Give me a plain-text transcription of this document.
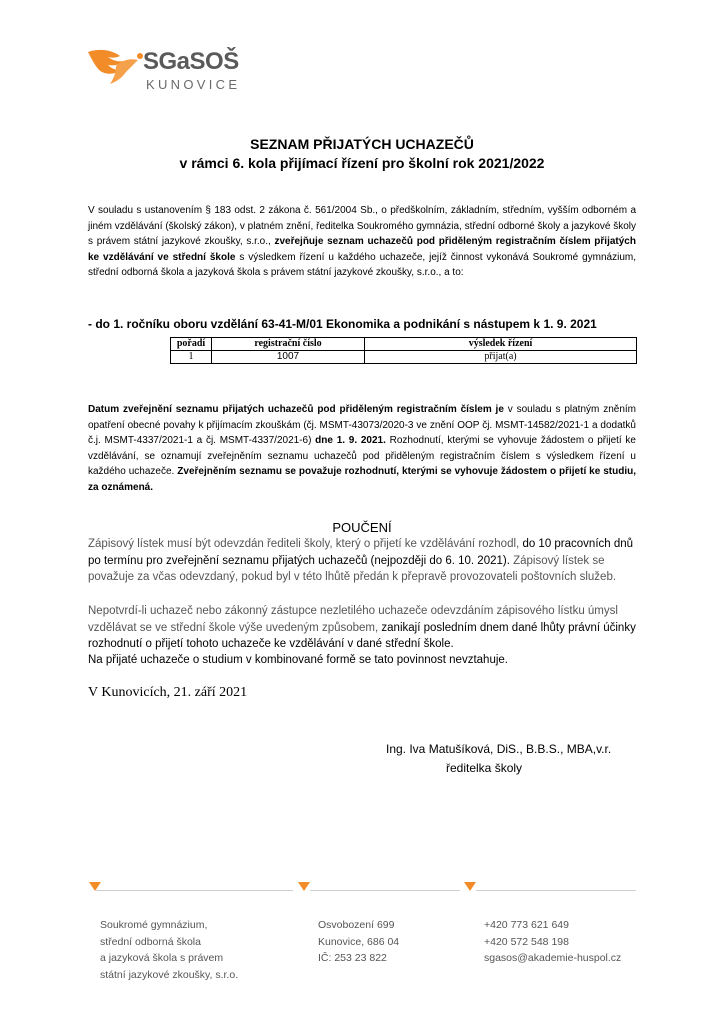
SGaSOŠ
KUNOVICE
SEZNAM PŘIJATÝCH UCHAZEČŮ
v rámci 6. kola přijímací řízení pro školní rok 2021/2022
V souladu s ustanovením § 183 odst. 2 zákona č. 561/2004 Sb., o předškolním, základním, středním, vyšším odborném a jiném vzdělávání (školský zákon), v platném znění, ředitelka Soukromého gymnázia, střední odborné školy a jazykové školy s právem státní jazykové zkoušky, s.r.o., zveřejňuje seznam uchazečů pod přiděleným registračním číslem přijatých ke vzdělávání ve střední škole s výsledkem řízení u každého uchazeče, jejíž činnost vykonává Soukromé gymnázium, střední odborná škola a jazyková škola s právem státní jazykové zkoušky, s.r.o., a to:
- do 1. ročníku oboru vzdělání 63-41-M/01 Ekonomika a podnikání s nástupem k 1. 9. 2021
pořadí	registrační číslo	výsledek řízení
1	1007	přijat(a)
Datum zveřejnění seznamu přijatých uchazečů pod přiděleným registračním číslem je v souladu s platným zněním opatření obecné povahy k přijímacím zkouškám (čj. MSMT-43073/2020-3 ve znění OOP čj. MSMT-14582/2021-1 a dodatků č.j. MSMT-4337/2021-1 a čj. MSMT-4337/2021-6) dne 1. 9. 2021. Rozhodnutí, kterými se vyhovuje žádostem o přijetí ke vzdělávání, se oznamují zveřejněním seznamu uchazečů pod přiděleným registračním číslem s výsledkem řízení u každého uchazeče. Zveřejněním seznamu se považuje rozhodnutí, kterými se vyhovuje žádostem o přijetí ke studiu, za oznámená.
POUČENÍ
Zápisový lístek musí být odevzdán řediteli školy, který o přijetí ke vzdělávání rozhodl, do 10 pracovních dnů po termínu pro zveřejnění seznamu přijatých uchazečů (nejpozději do 6. 10. 2021). Zápisový lístek se považuje za včas odevzdaný, pokud byl v této lhůtě předán k přepravě provozovateli poštovních služeb.
Nepotvrdí-li uchazeč nebo zákonný zástupce nezletilého uchazeče odevzdáním zápisového lístku úmysl vzdělávat se ve střední škole výše uvedeným způsobem, zanikají posledním dnem dané lhůty právní účinky rozhodnutí o přijetí tohoto uchazeče ke vzdělávání v dané střední škole.
Na přijaté uchazeče o studium v kombinované formě se tato povinnost nevztahuje.
V Kunovicích, 21. září 2021
Ing. Iva Matušíková, DiS., B.B.S., MBA,v.r.
ředitelka školy
Soukromé gymnázium,
střední odborná škola
a jazyková škola s právem
státní jazykové zkoušky, s.r.o.
Osvobození 699
Kunovice, 686 04
IČ: 253 23 822
+420 773 621 649
+420 572 548 198
sgasos@akademie-huspol.cz
